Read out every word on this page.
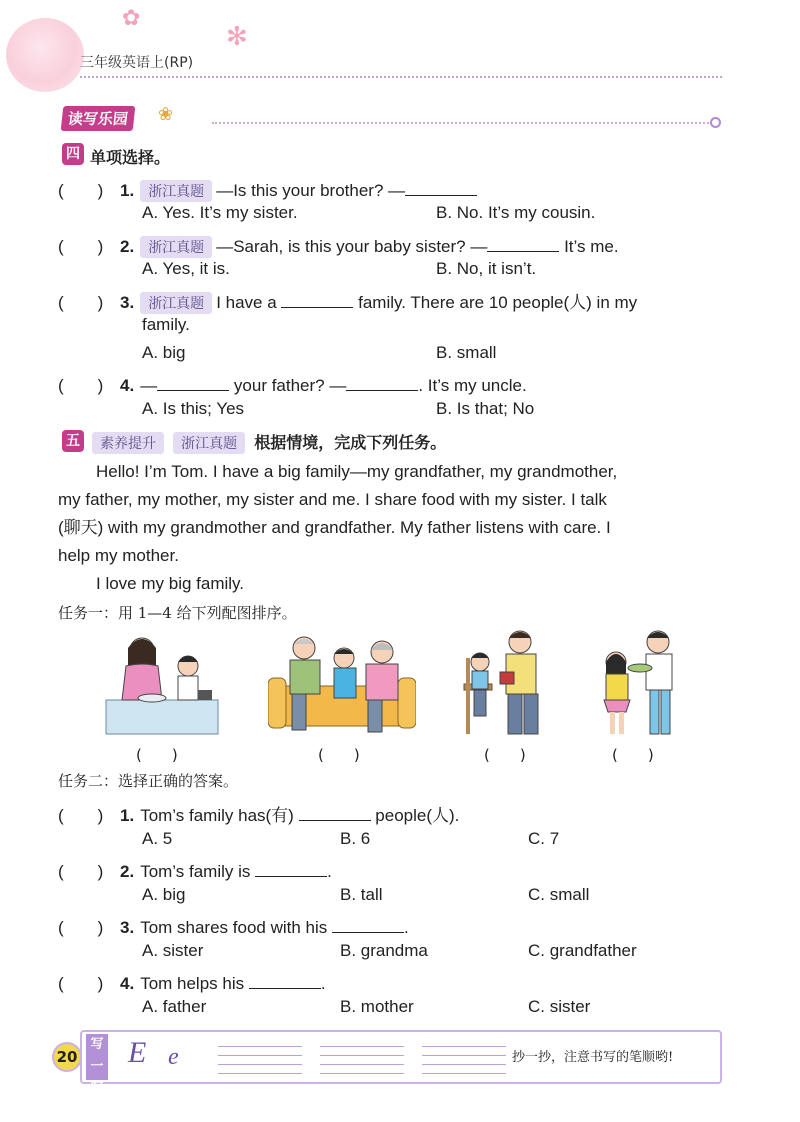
✿
✻
三年级英语上(RP)
读写乐园	❀
四 单项选择。
(　　) 1. 浙江真题 —Is this your brother? —
A. Yes. It’s my sister.	B. No. It’s my cousin.
(　　) 2. 浙江真题 —Sarah, is this your baby sister? —	It’s me.
A. Yes, it is.	B. No, it isn’t.
(　　) 3. 浙江真题 I have a	family. There are 10 people(人) in my
family.
A. big	B. small
(　　) 4. —	your father? —	. It’s my uncle.
A. Is this; Yes	B. Is that; No
五	素养提升 浙江真题 根据情境，完成下列任务。
Hello! I’m Tom. I have a big family—my grandfather, my grandmother,
my father, my mother, my sister and me. I share food with my sister. I talk
(聊天) with my grandmother and grandfather. My father listens with care. I
help my mother.
I love my big family.
任务一：用 1—4 给下列配图排序。
(　　)	(　　)	(　　)	(　　)
任务二：选择正确的答案。
(　　) 1. Tom’s family has(有)	people(人).
A. 5	B. 6	C. 7
(　　) 2. Tom’s family is	.
A. big	B. tall	C. small
(　　) 3. Tom shares food with his	.
A. sister	B. grandma	C. grandfather
(　　) 4. Tom helps his	.
A. father	B. mother	C. sister
20
写
一写
E e	抄一抄，注意书写的笔顺哟!
